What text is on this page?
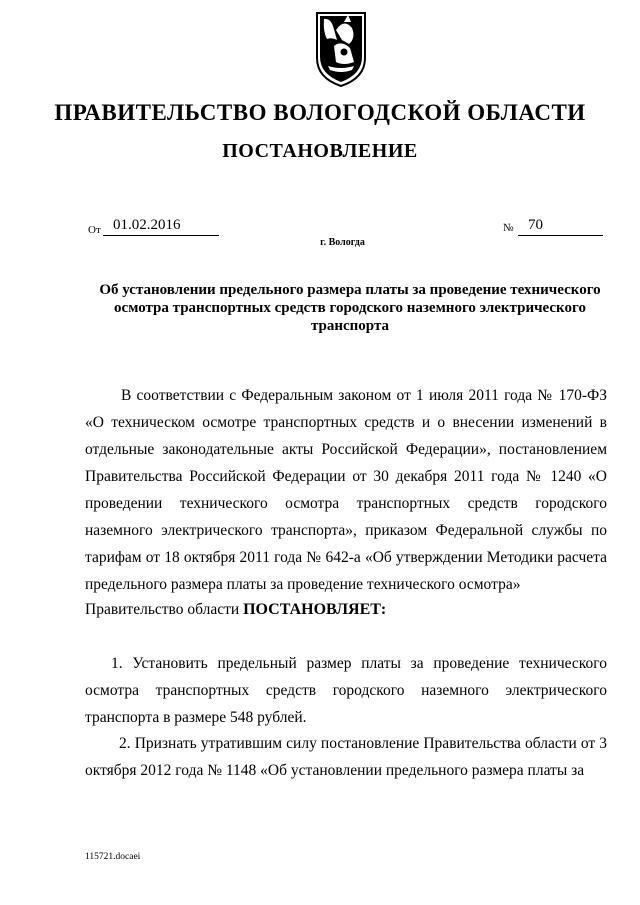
ПРАВИТЕЛЬСТВО ВОЛОГОДСКОЙ ОБЛАСТИ
ПОСТАНОВЛЕНИЕ
От 01.02.2016	№ 70
г. Вологда
Об установлении предельного размера платы за проведение технического осмотра транспортных средств городского наземного электрического транспорта
В соответствии с Федеральным законом от 1 июля 2011 года № 170-ФЗ «О техническом осмотре транспортных средств и о внесении изменений в отдельные законодательные акты Российской Федерации», постановлением Правительства Российской Федерации от 30 декабря 2011 года № 1240 «О проведении технического осмотра транспортных средств городского наземного электрического транспорта», приказом Федеральной службы по тарифам от 18 октября 2011 года № 642-а «Об утверждении Методики расчета предельного размера платы за проведение технического осмотра»
Правительство области ПОСТАНОВЛЯЕТ:
1. Установить предельный размер платы за проведение технического осмотра транспортных средств городского наземного электрического транспорта в размере 548 рублей.
2. Признать утратившим силу постановление Правительства области от 3 октября 2012 года № 1148 «Об установлении предельного размера платы за
115721.docaei
